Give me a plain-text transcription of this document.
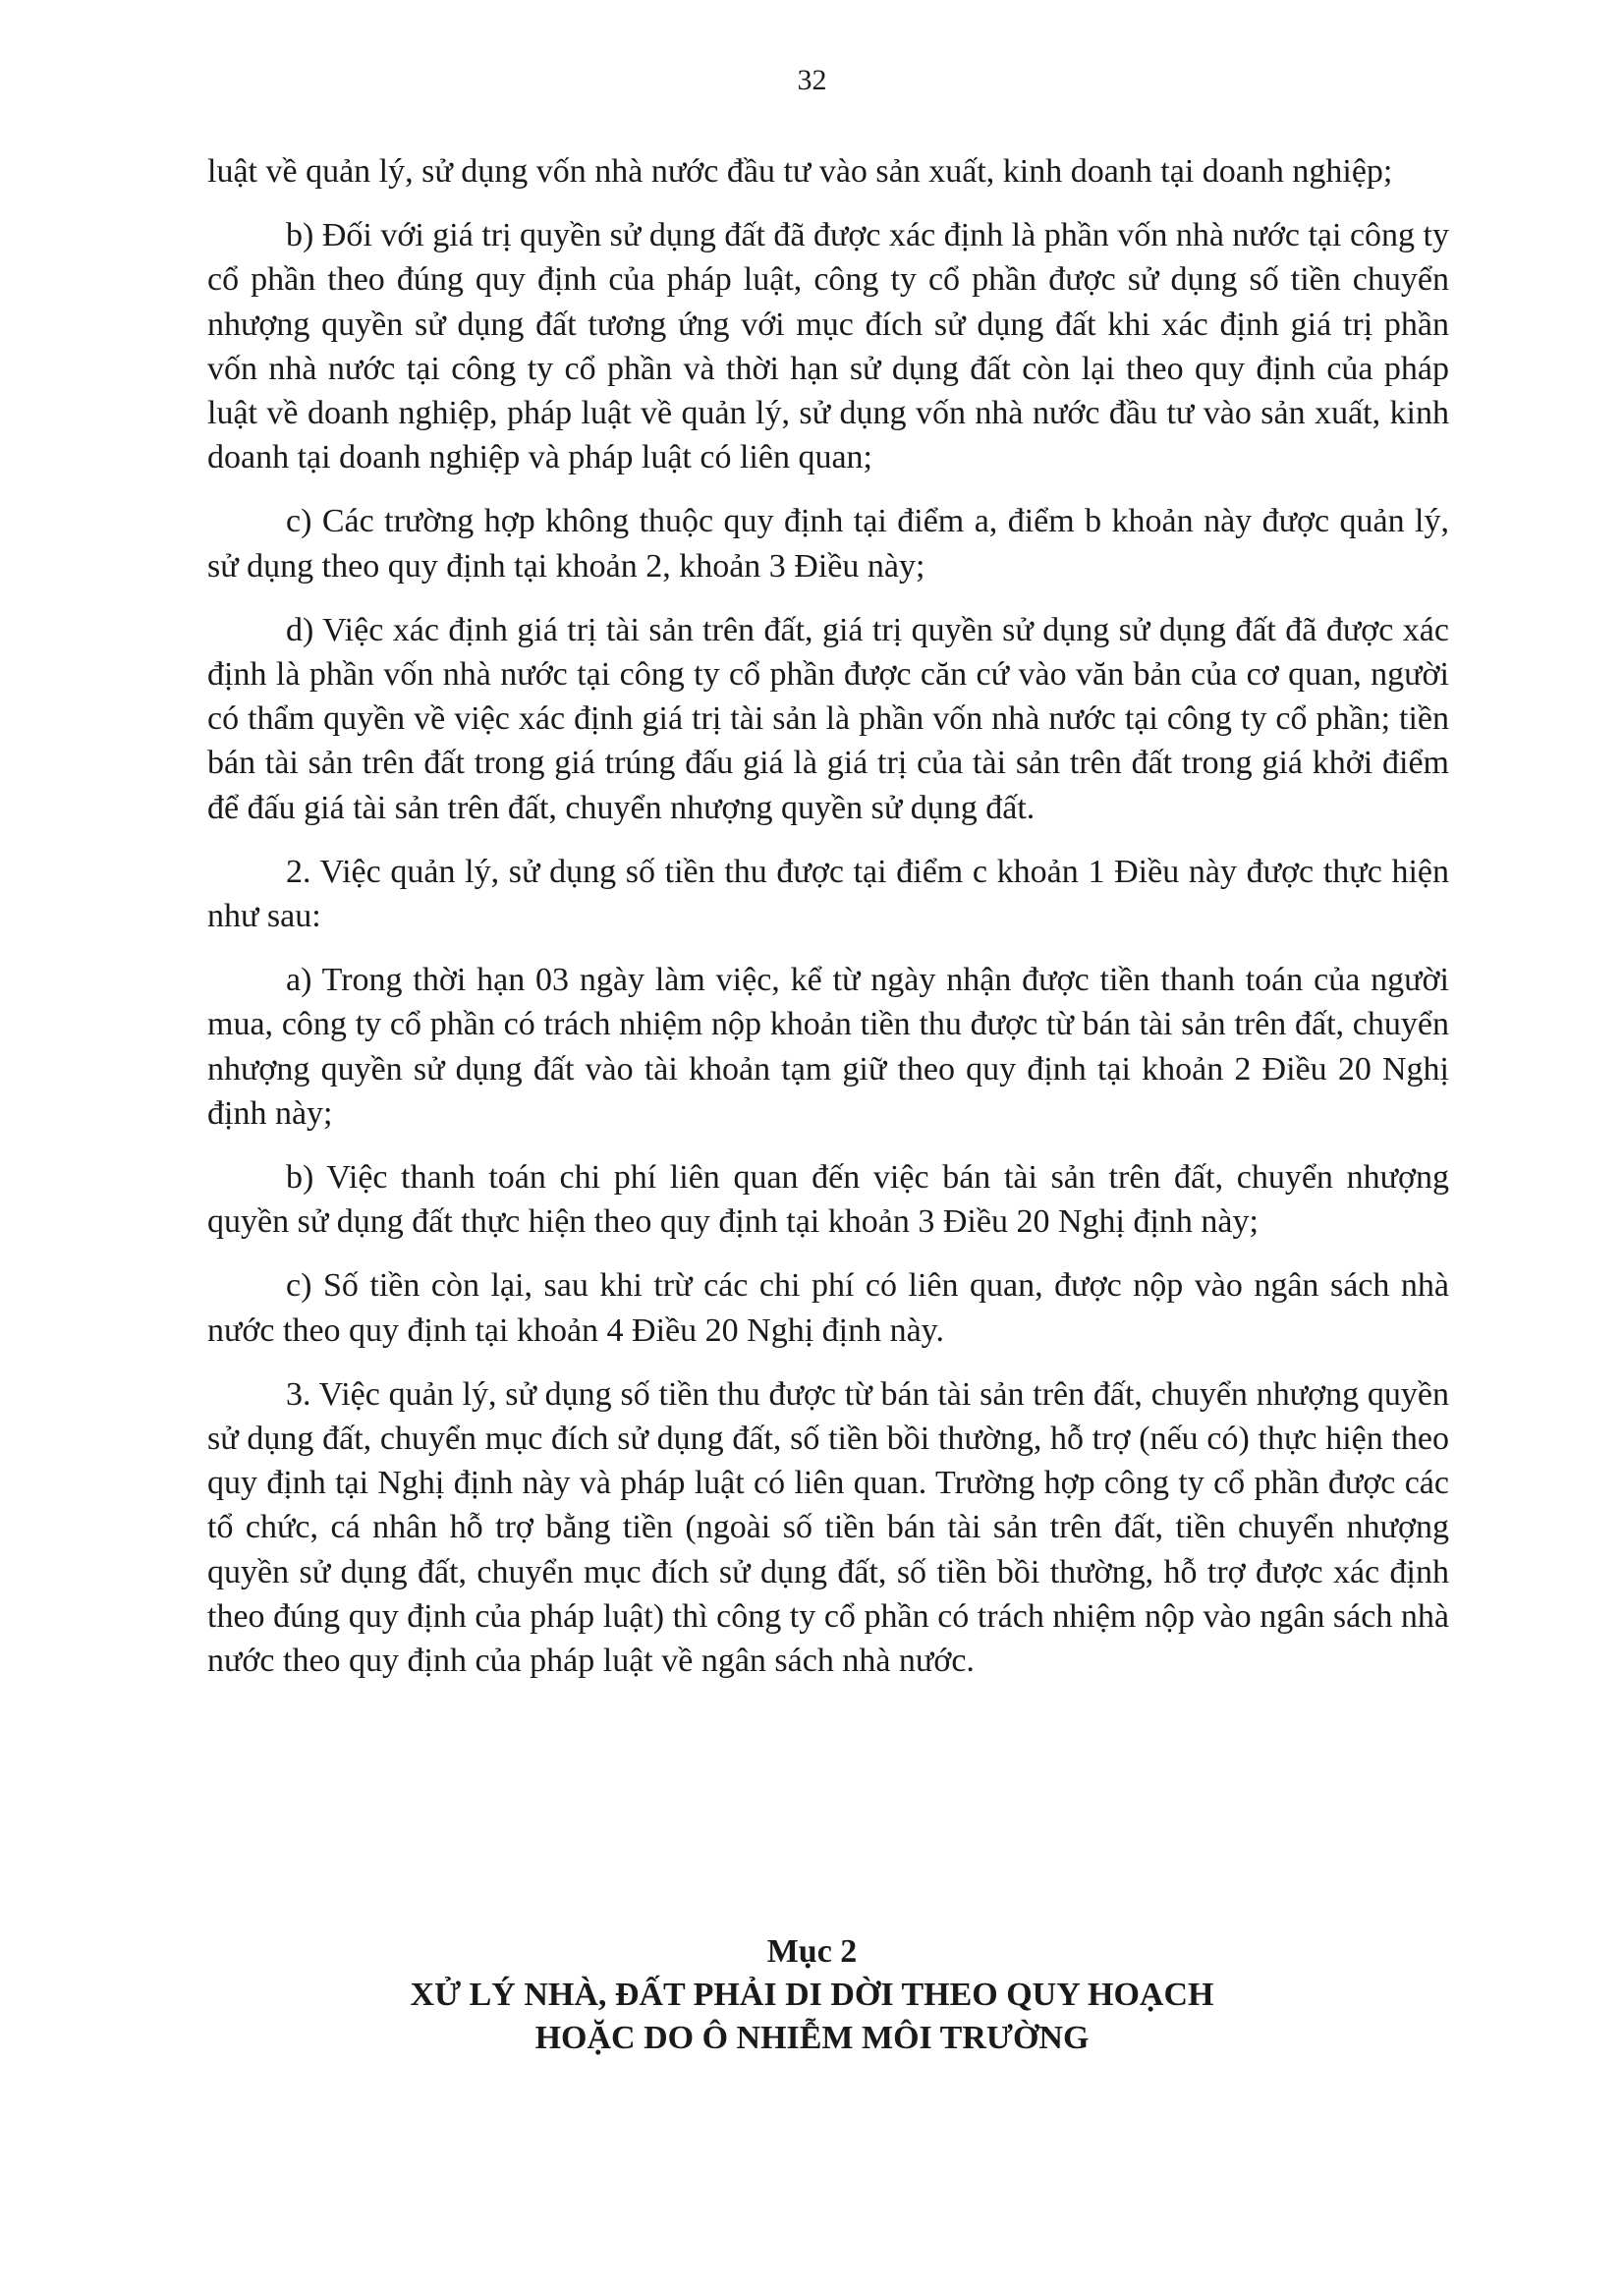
32

luật về quản lý, sử dụng vốn nhà nước đầu tư vào sản xuất, kinh doanh tại doanh nghiệp;

b) Đối với giá trị quyền sử dụng đất đã được xác định là phần vốn nhà nước tại công ty cổ phần theo đúng quy định của pháp luật, công ty cổ phần được sử dụng số tiền chuyển nhượng quyền sử dụng đất tương ứng với mục đích sử dụng đất khi xác định giá trị phần vốn nhà nước tại công ty cổ phần và thời hạn sử dụng đất còn lại theo quy định của pháp luật về doanh nghiệp, pháp luật về quản lý, sử dụng vốn nhà nước đầu tư vào sản xuất, kinh doanh tại doanh nghiệp và pháp luật có liên quan;

c) Các trường hợp không thuộc quy định tại điểm a, điểm b khoản này được quản lý, sử dụng theo quy định tại khoản 2, khoản 3 Điều này;

d) Việc xác định giá trị tài sản trên đất, giá trị quyền sử dụng sử dụng đất đã được xác định là phần vốn nhà nước tại công ty cổ phần được căn cứ vào văn bản của cơ quan, người có thẩm quyền về việc xác định giá trị tài sản là phần vốn nhà nước tại công ty cổ phần; tiền bán tài sản trên đất trong giá trúng đấu giá là giá trị của tài sản trên đất trong giá khởi điểm để đấu giá tài sản trên đất, chuyển nhượng quyền sử dụng đất.

2. Việc quản lý, sử dụng số tiền thu được tại điểm c khoản 1 Điều này được thực hiện như sau:

a) Trong thời hạn 03 ngày làm việc, kể từ ngày nhận được tiền thanh toán của người mua, công ty cổ phần có trách nhiệm nộp khoản tiền thu được từ bán tài sản trên đất, chuyển nhượng quyền sử dụng đất vào tài khoản tạm giữ theo quy định tại khoản 2 Điều 20 Nghị định này;

b) Việc thanh toán chi phí liên quan đến việc bán tài sản trên đất, chuyển nhượng quyền sử dụng đất thực hiện theo quy định tại khoản 3 Điều 20 Nghị định này;

c) Số tiền còn lại, sau khi trừ các chi phí có liên quan, được nộp vào ngân sách nhà nước theo quy định tại khoản 4 Điều 20 Nghị định này.

3. Việc quản lý, sử dụng số tiền thu được từ bán tài sản trên đất, chuyển nhượng quyền sử dụng đất, chuyển mục đích sử dụng đất, số tiền bồi thường, hỗ trợ (nếu có) thực hiện theo quy định tại Nghị định này và pháp luật có liên quan. Trường hợp công ty cổ phần được các tổ chức, cá nhân hỗ trợ bằng tiền (ngoài số tiền bán tài sản trên đất, tiền chuyển nhượng quyền sử dụng đất, chuyển mục đích sử dụng đất, số tiền bồi thường, hỗ trợ được xác định theo đúng quy định của pháp luật) thì công ty cổ phần có trách nhiệm nộp vào ngân sách nhà nước theo quy định của pháp luật về ngân sách nhà nước.

Mục 2
XỬ LÝ NHÀ, ĐẤT PHẢI DI DỜI THEO QUY HOẠCH
HOẶC DO Ô NHIỄM MÔI TRƯỜNG
